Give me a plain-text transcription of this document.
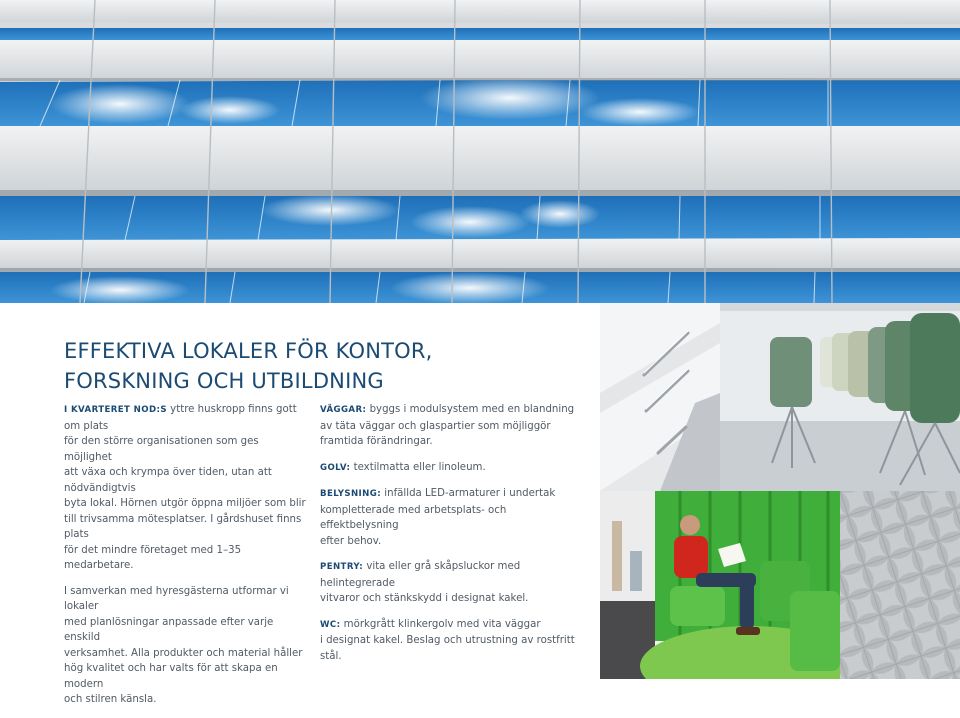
EFFEKTIVA LOKALER FÖR KONTOR,
FORSKNING OCH UTBILDNING

I KVARTERET NOD:S yttre huskropp finns gott om plats
för den större organisationen som ges möjlighet
att växa och krympa över tiden, utan att nödvändigtvis
byta lokal. Hörnen utgör öppna miljöer som blir
till trivsamma mötesplatser. I gårdshuset finns plats
för det mindre företaget med 1–35 medarbetare.

I samverkan med hyresgästerna utformar vi lokaler
med planlösningar anpassade efter varje enskild
verksamhet. Alla produkter och material håller
hög kvalitet och har valts för att skapa en modern
och stilren känsla.

VÄGGAR: byggs i modulsystem med en blandning
av täta väggar och glaspartier som möjliggör
framtida förändringar.

GOLV: textilmatta eller linoleum.

BELYSNING: infällda LED-armaturer i undertak
kompletterade med arbetsplats- och effektbelysning
efter behov.

PENTRY: vita eller grå skåpsluckor med helintegrerade
vitvaror och stänkskydd i designat kakel.

WC: mörkgrått klinkergolv med vita väggar
i designat kakel. Beslag och utrustning av rostfritt stål.
